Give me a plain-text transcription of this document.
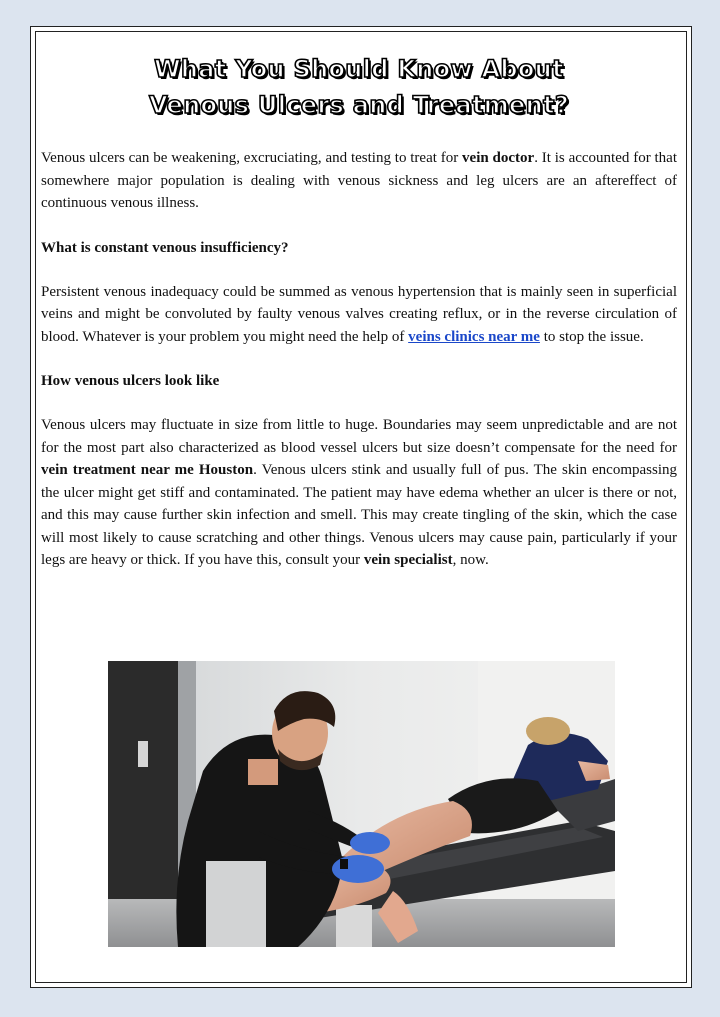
What You Should Know About
Venous Ulcers and Treatment?

Venous ulcers can be weakening, excruciating, and testing to treat for vein doctor. It is accounted for that somewhere major population is dealing with venous sickness and leg ulcers are an aftereffect of continuous venous illness.

What is constant venous insufficiency?

Persistent venous inadequacy could be summed as venous hypertension that is mainly seen in superficial veins and might be convoluted by faulty venous valves creating reflux, or in the reverse circulation of blood. Whatever is your problem you might need the help of veins clinics near me to stop the issue.

How venous ulcers look like

Venous ulcers may fluctuate in size from little to huge. Boundaries may seem unpredictable and are not for the most part also characterized as blood vessel ulcers but size doesn’t compensate for the need for vein treatment near me Houston. Venous ulcers stink and usually full of pus. The skin encompassing the ulcer might get stiff and contaminated. The patient may have edema whether an ulcer is there or not, and this may cause further skin infection and smell. This may create tingling of the skin, which the case will most likely to cause scratching and other things. Venous ulcers may cause pain, particularly if your legs are heavy or thick. If you have this, consult your vein specialist, now.
